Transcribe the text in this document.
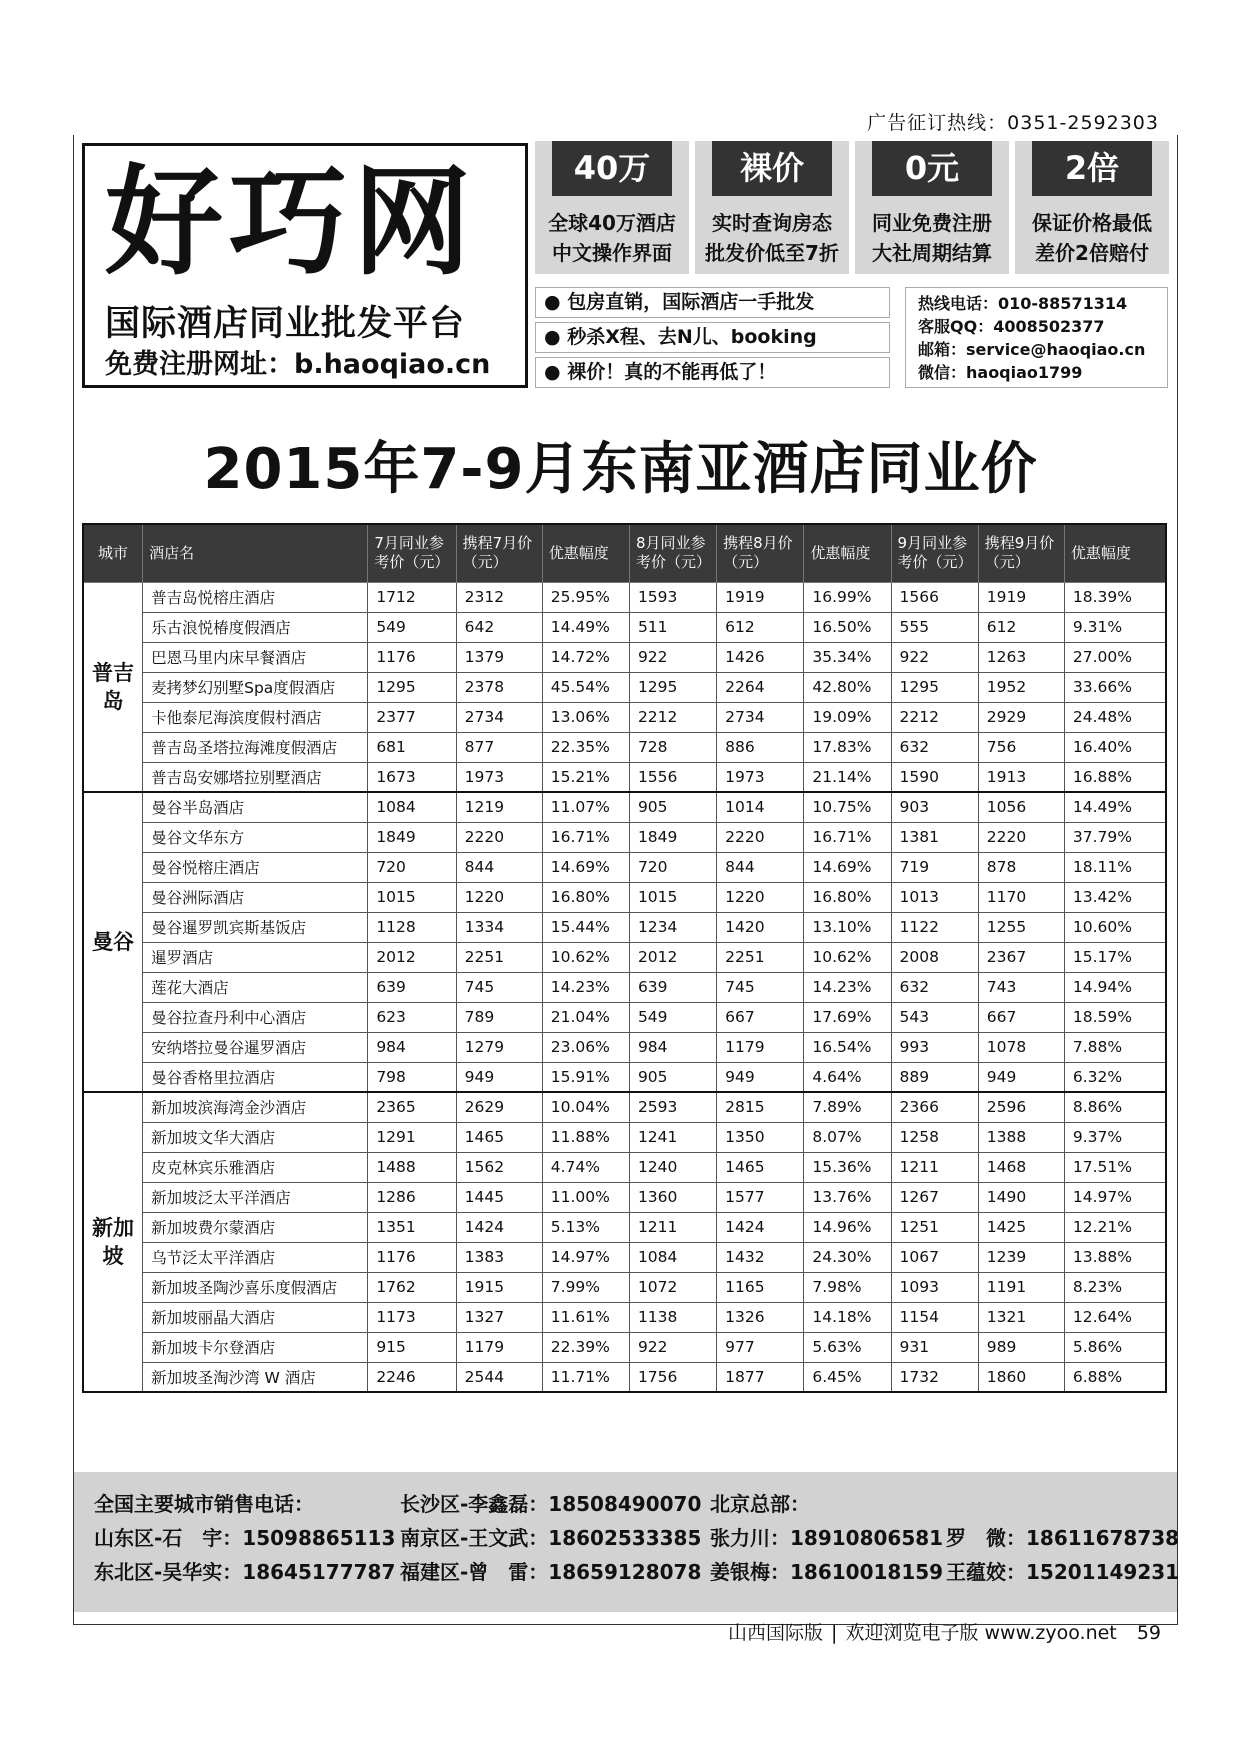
广告征订热线：0351-2592303
好巧网
国际酒店同业批发平台
免费注册网址：b.haoqiao.cn
40万
全球40万酒店
中文操作界面
裸价
实时查询房态
批发价低至7折
0元
同业免费注册
大社周期结算
2倍
保证价格最低
差价2倍赔付
● 包房直销，国际酒店一手批发
● 秒杀X程、去N儿、booking
● 裸价！真的不能再低了！
热线电话：010-88571314
客服QQ：4008502377
邮箱：service@haoqiao.cn
微信：haoqiao1799
2015年7-9月东南亚酒店同业价
城市	酒店名	7月同业参考价（元）	携程7月价（元）	优惠幅度	8月同业参考价（元）	携程8月价（元）	优惠幅度	9月同业参考价（元）	携程9月价（元）	优惠幅度
普吉岛	普吉岛悦榕庄酒店	1712	2312	25.95%	1593	1919	16.99%	1566	1919	18.39%
	乐古浪悦椿度假酒店	549	642	14.49%	511	612	16.50%	555	612	9.31%
	巴恩马里内床早餐酒店	1176	1379	14.72%	922	1426	35.34%	922	1263	27.00%
	麦拷梦幻别墅Spa度假酒店	1295	2378	45.54%	1295	2264	42.80%	1295	1952	33.66%
	卡他泰尼海滨度假村酒店	2377	2734	13.06%	2212	2734	19.09%	2212	2929	24.48%
	普吉岛圣塔拉海滩度假酒店	681	877	22.35%	728	886	17.83%	632	756	16.40%
	普吉岛安娜塔拉别墅酒店	1673	1973	15.21%	1556	1973	21.14%	1590	1913	16.88%
曼谷	曼谷半岛酒店	1084	1219	11.07%	905	1014	10.75%	903	1056	14.49%
	曼谷文华东方	1849	2220	16.71%	1849	2220	16.71%	1381	2220	37.79%
	曼谷悦榕庄酒店	720	844	14.69%	720	844	14.69%	719	878	18.11%
	曼谷洲际酒店	1015	1220	16.80%	1015	1220	16.80%	1013	1170	13.42%
	曼谷暹罗凯宾斯基饭店	1128	1334	15.44%	1234	1420	13.10%	1122	1255	10.60%
	暹罗酒店	2012	2251	10.62%	2012	2251	10.62%	2008	2367	15.17%
	莲花大酒店	639	745	14.23%	639	745	14.23%	632	743	14.94%
	曼谷拉查丹利中心酒店	623	789	21.04%	549	667	17.69%	543	667	18.59%
	安纳塔拉曼谷暹罗酒店	984	1279	23.06%	984	1179	16.54%	993	1078	7.88%
	曼谷香格里拉酒店	798	949	15.91%	905	949	4.64%	889	949	6.32%
新加坡	新加坡滨海湾金沙酒店	2365	2629	10.04%	2593	2815	7.89%	2366	2596	8.86%
	新加坡文华大酒店	1291	1465	11.88%	1241	1350	8.07%	1258	1388	9.37%
	皮克林宾乐雅酒店	1488	1562	4.74%	1240	1465	15.36%	1211	1468	17.51%
	新加坡泛太平洋酒店	1286	1445	11.00%	1360	1577	13.76%	1267	1490	14.97%
	新加坡费尔蒙酒店	1351	1424	5.13%	1211	1424	14.96%	1251	1425	12.21%
	乌节泛太平洋酒店	1176	1383	14.97%	1084	1432	24.30%	1067	1239	13.88%
	新加坡圣陶沙喜乐度假酒店	1762	1915	7.99%	1072	1165	7.98%	1093	1191	8.23%
	新加坡丽晶大酒店	1173	1327	11.61%	1138	1326	14.18%	1154	1321	12.64%
	新加坡卡尔登酒店	915	1179	22.39%	922	977	5.63%	931	989	5.86%
	新加坡圣淘沙湾 W 酒店	2246	2544	11.71%	1756	1877	6.45%	1732	1860	6.88%
全国主要城市销售电话：
山东区-石　宇：15098865113
东北区-吴华实：18645177787
长沙区-李鑫磊：18508490070
南京区-王文武：18602533385
福建区-曾　雷：18659128078
北京总部：
张力川：18910806581
姜银梅：18610018159
罗　微：18611678738
王蕴姣：15201149231
山西国际版 | 欢迎浏览电子版 www.zyoo.net 59
